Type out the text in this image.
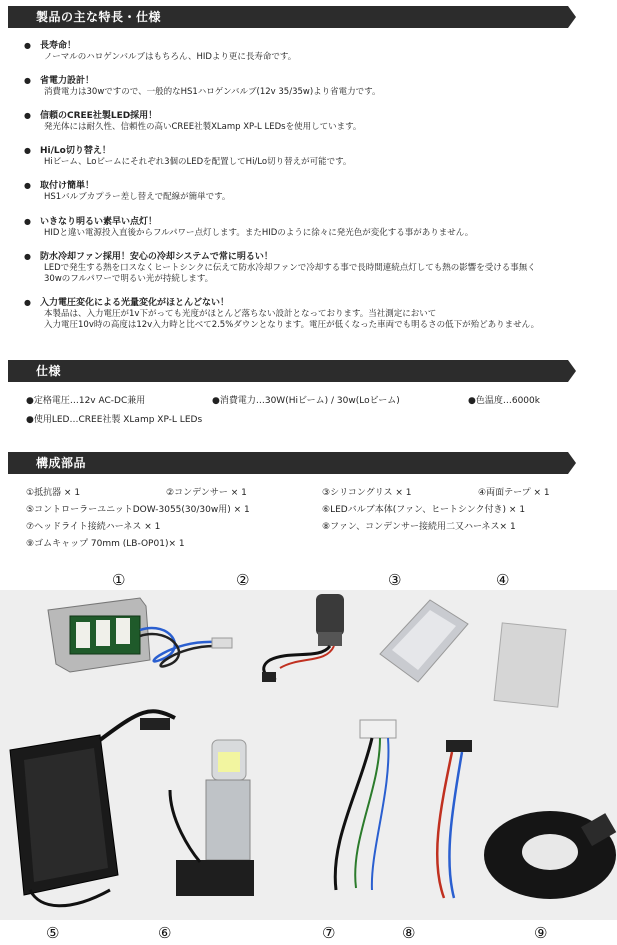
製品の主な特長・仕様
● 長寿命！
ノーマルのハロゲンバルブはもちろん、HIDより更に長寿命です。
● 省電力設計！
消費電力は30wですので、一般的なHS1ハロゲンバルブ(12v 35/35w)より省電力です。
● 信頼のCREE社製LED採用！
発光体には耐久性、信頼性の高いCREE社製XLamp XP-L LEDsを使用しています。
● Hi/Lo切り替え！
Hiビーム、Loビームにそれぞれ3個のLEDを配置してHi/Lo切り替えが可能です。
● 取付け簡単！
HS1バルブカプラー差し替えで配線が簡単です。
● いきなり明るい素早い点灯！
HIDと違い電源投入直後からフルパワー点灯します。またHIDのように徐々に発光色が変化する事がありません。
● 防水冷却ファン採用！安心の冷却システムで常に明るい！
LEDで発生する熱を口スなくヒートシンクに伝えて防水冷却ファンで冷却する事で長時間連続点灯しても熱の影響を受ける事無く
30wのフルパワーで明るい光が持続します。
● 入力電圧変化による光量変化がほとんどない！
本製品は、入力電圧が1v下がっても光度がほとんど落ちない設計となっております。当社測定において
入力電圧10v時の高度は12v入力時と比べて2.5%ダウンとなります。電圧が低くなった車両でも明るさの低下が殆どありません。
仕様
●定格電圧…12v AC-DC兼用	●消費電力…30W(Hiビーム) / 30w(Loビーム)	●色温度…6000k
●使用LED…CREE社製 XLamp XP-L LEDs
構成部品
①抵抗器 × 1	②コンデンサー × 1	③シリコングリス × 1	④両面テープ × 1
⑤コントローラーユニットDOW-3055(30/30w用) × 1	⑥LEDバルブ本体(ファン、ヒートシンク付き) × 1
⑦ヘッドライト接続ハーネス × 1	⑧ファン、コンデンサー接続用二又ハーネス× 1
⑨ゴムキャップ 70mm (LB-OP01)× 1
①	②	③	④
⑤	⑥	⑦	⑧	⑨
